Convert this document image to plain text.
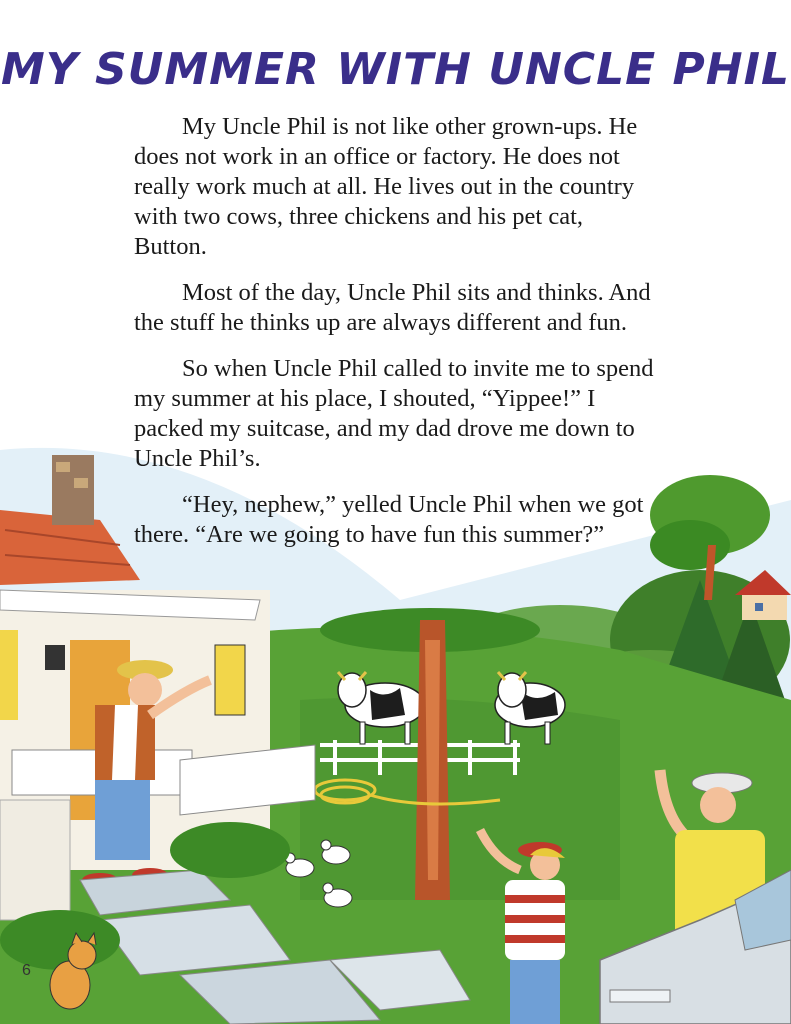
MY SUMMER WITH UNCLE PHIL

My Uncle Phil is not like other grown-ups. He does not work in an office or factory. He does not really work much at all. He lives out in the country with two cows, three chickens and his pet cat, Button.

Most of the day, Uncle Phil sits and thinks. And the stuff he thinks up are always different and fun.

So when Uncle Phil called to invite me to spend my summer at his place, I shouted, “Yippee!” I packed my suitcase, and my dad drove me down to Uncle Phil’s.

“Hey, nephew,” yelled Uncle Phil when we got there. “Are we going to have fun this summer?”

6
